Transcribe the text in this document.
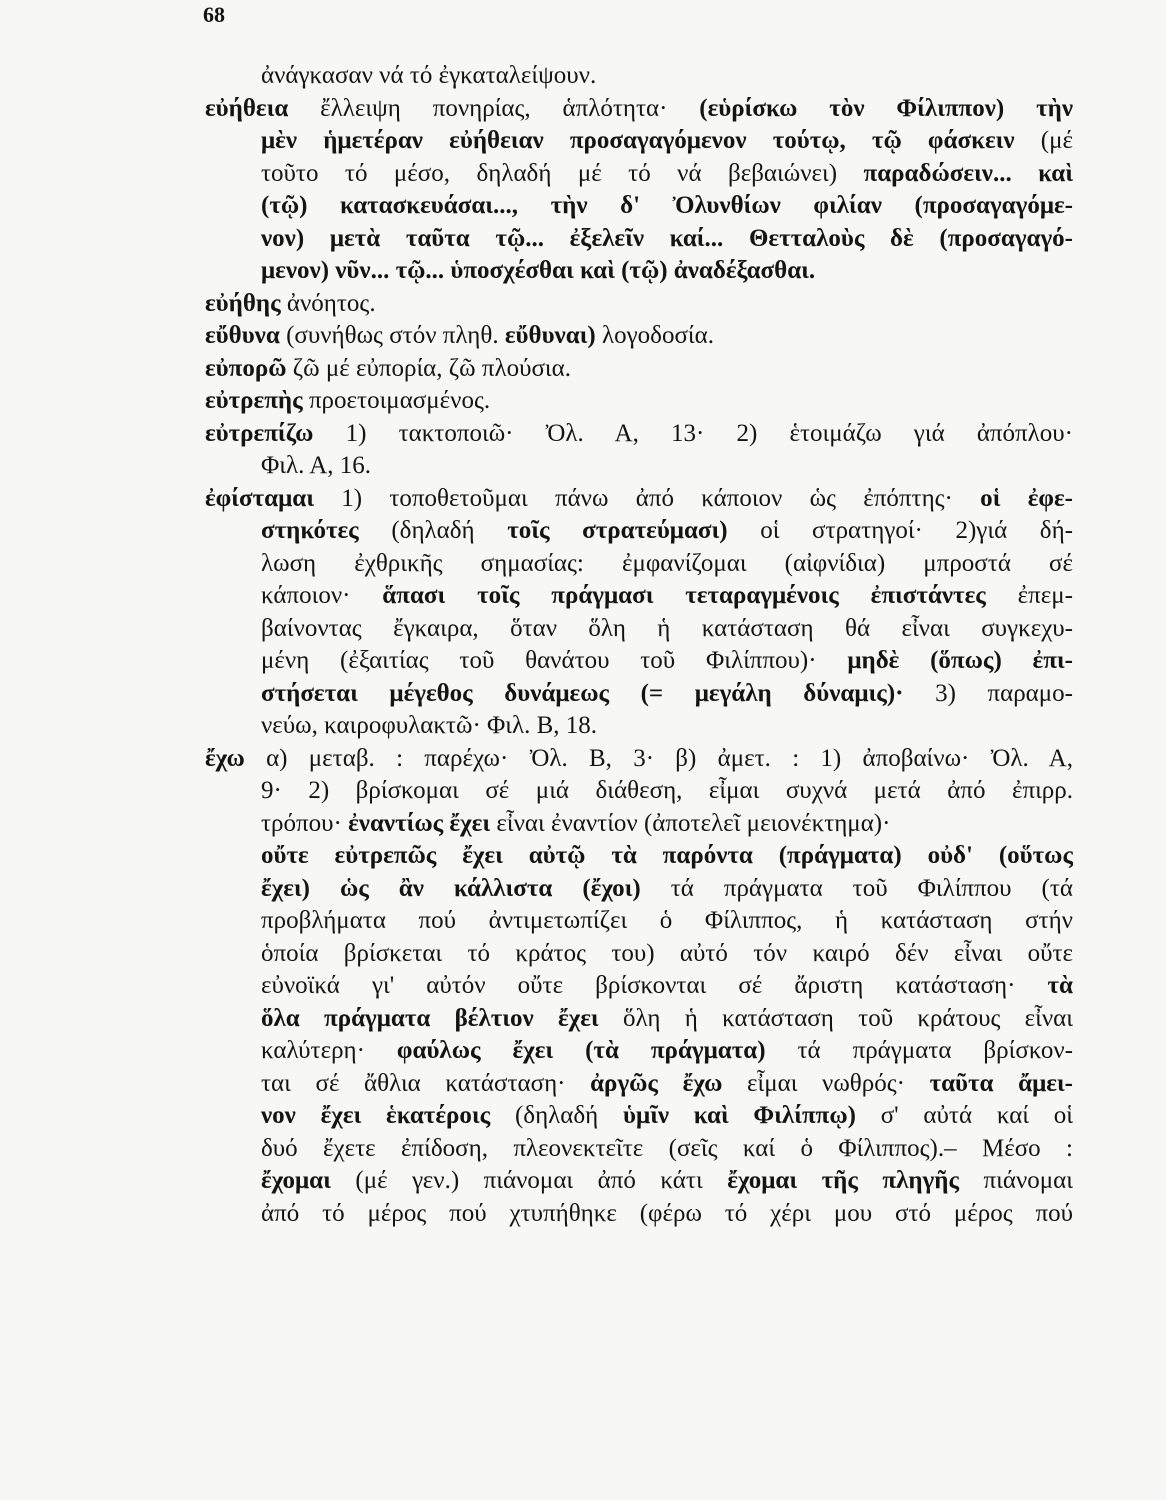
68
ἀνάγκασαν νά τό ἐγκαταλείψουν.
εὐήθεια ἔλλειψη πονηρίας, ἁπλότητα· (εὑρίσκω τὸν Φίλιππον) τὴν
μὲν ἡμετέραν εὐήθειαν προσαγαγόμενον τούτῳ, τῷ φάσκειν (μέ
τοῦτο τό μέσο, δηλαδή μέ τό νά βεβαιώνει) παραδώσειν... καὶ
(τῷ) κατασκευάσαι..., τὴν δ' Ὀλυνθίων φιλίαν (προσαγαγόμε-
νον) μετὰ ταῦτα τῷ... ἐξελεῖν καί... Θετταλοὺς δὲ (προσαγαγό-
μενον) νῦν... τῷ... ὑποσχέσθαι καὶ (τῷ) ἀναδέξασθαι.
εὐήθης ἀνόητος.
εὔθυνα (συνήθως στόν πληθ. εὔθυναι) λογοδοσία.
εὐπορῶ ζῶ μέ εὐπορία, ζῶ πλούσια.
εὐτρεπὴς προετοιμασμένος.
εὐτρεπίζω 1) τακτοποιῶ· Ὀλ. Α, 13· 2) ἑτοιμάζω γιά ἀπόπλου·
Φιλ. Α, 16.
ἐφίσταμαι 1) τοποθετοῦμαι πάνω ἀπό κάποιον ὡς ἐπόπτης· οἱ ἐφε-
στηκότες (δηλαδή τοῖς στρατεύμασι) οἱ στρατηγοί· 2)γιά δή-
λωση ἐχθρικῆς σημασίας: ἐμφανίζομαι (αἰφνίδια) μπροστά σέ
κάποιον· ἅπασι τοῖς πράγμασι τεταραγμένοις ἐπιστάντες ἐπεμ-
βαίνοντας ἔγκαιρα, ὅταν ὅλη ἡ κατάσταση θά εἶναι συγκεχυ-
μένη (ἐξαιτίας τοῦ θανάτου τοῦ Φιλίππου)· μηδὲ (ὅπως) ἐπι-
στήσεται μέγεθος δυνάμεως (= μεγάλη δύναμις)· 3) παραμο-
νεύω, καιροφυλακτῶ· Φιλ. Β, 18.
ἔχω α) μεταβ. : παρέχω· Ὀλ. Β, 3· β) ἀμετ. : 1) ἀποβαίνω· Ὀλ. Α,
9· 2) βρίσκομαι σέ μιά διάθεση, εἶμαι συχνά μετά ἀπό ἐπιρρ.
τρόπου· ἐναντίως ἔχει εἶναι ἐναντίον (ἀποτελεῖ μειονέκτημα)·
οὔτε εὐτρεπῶς ἔχει αὐτῷ τὰ παρόντα (πράγματα) οὐδ' (οὕτως
ἔχει) ὡς ἂν κάλλιστα (ἔχοι) τά πράγματα τοῦ Φιλίππου (τά
προβλήματα πού ἀντιμετωπίζει ὁ Φίλιππος, ἡ κατάσταση στήν
ὁποία βρίσκεται τό κράτος του) αὐτό τόν καιρό δέν εἶναι οὔτε
εὐνοϊκά γι' αὐτόν οὔτε βρίσκονται σέ ἄριστη κατάσταση· τὰ
ὅλα πράγματα βέλτιον ἔχει ὅλη ἡ κατάσταση τοῦ κράτους εἶναι
καλύτερη· φαύλως ἔχει (τὰ πράγματα) τά πράγματα βρίσκον-
ται σέ ἄθλια κατάσταση· ἀργῶς ἔχω εἶμαι νωθρός· ταῦτα ἄμει-
νον ἔχει ἑκατέροις (δηλαδή ὑμῖν καὶ Φιλίππῳ) σ' αὐτά καί οἱ
δυό ἔχετε ἐπίδοση, πλεονεκτεῖτε (σεῖς καί ὁ Φίλιππος).– Μέσο :
ἔχομαι (μέ γεν.) πιάνομαι ἀπό κάτι ἔχομαι τῆς πληγῆς πιάνομαι
ἀπό τό μέρος πού χτυπήθηκε (φέρω τό χέρι μου στό μέρος πού
